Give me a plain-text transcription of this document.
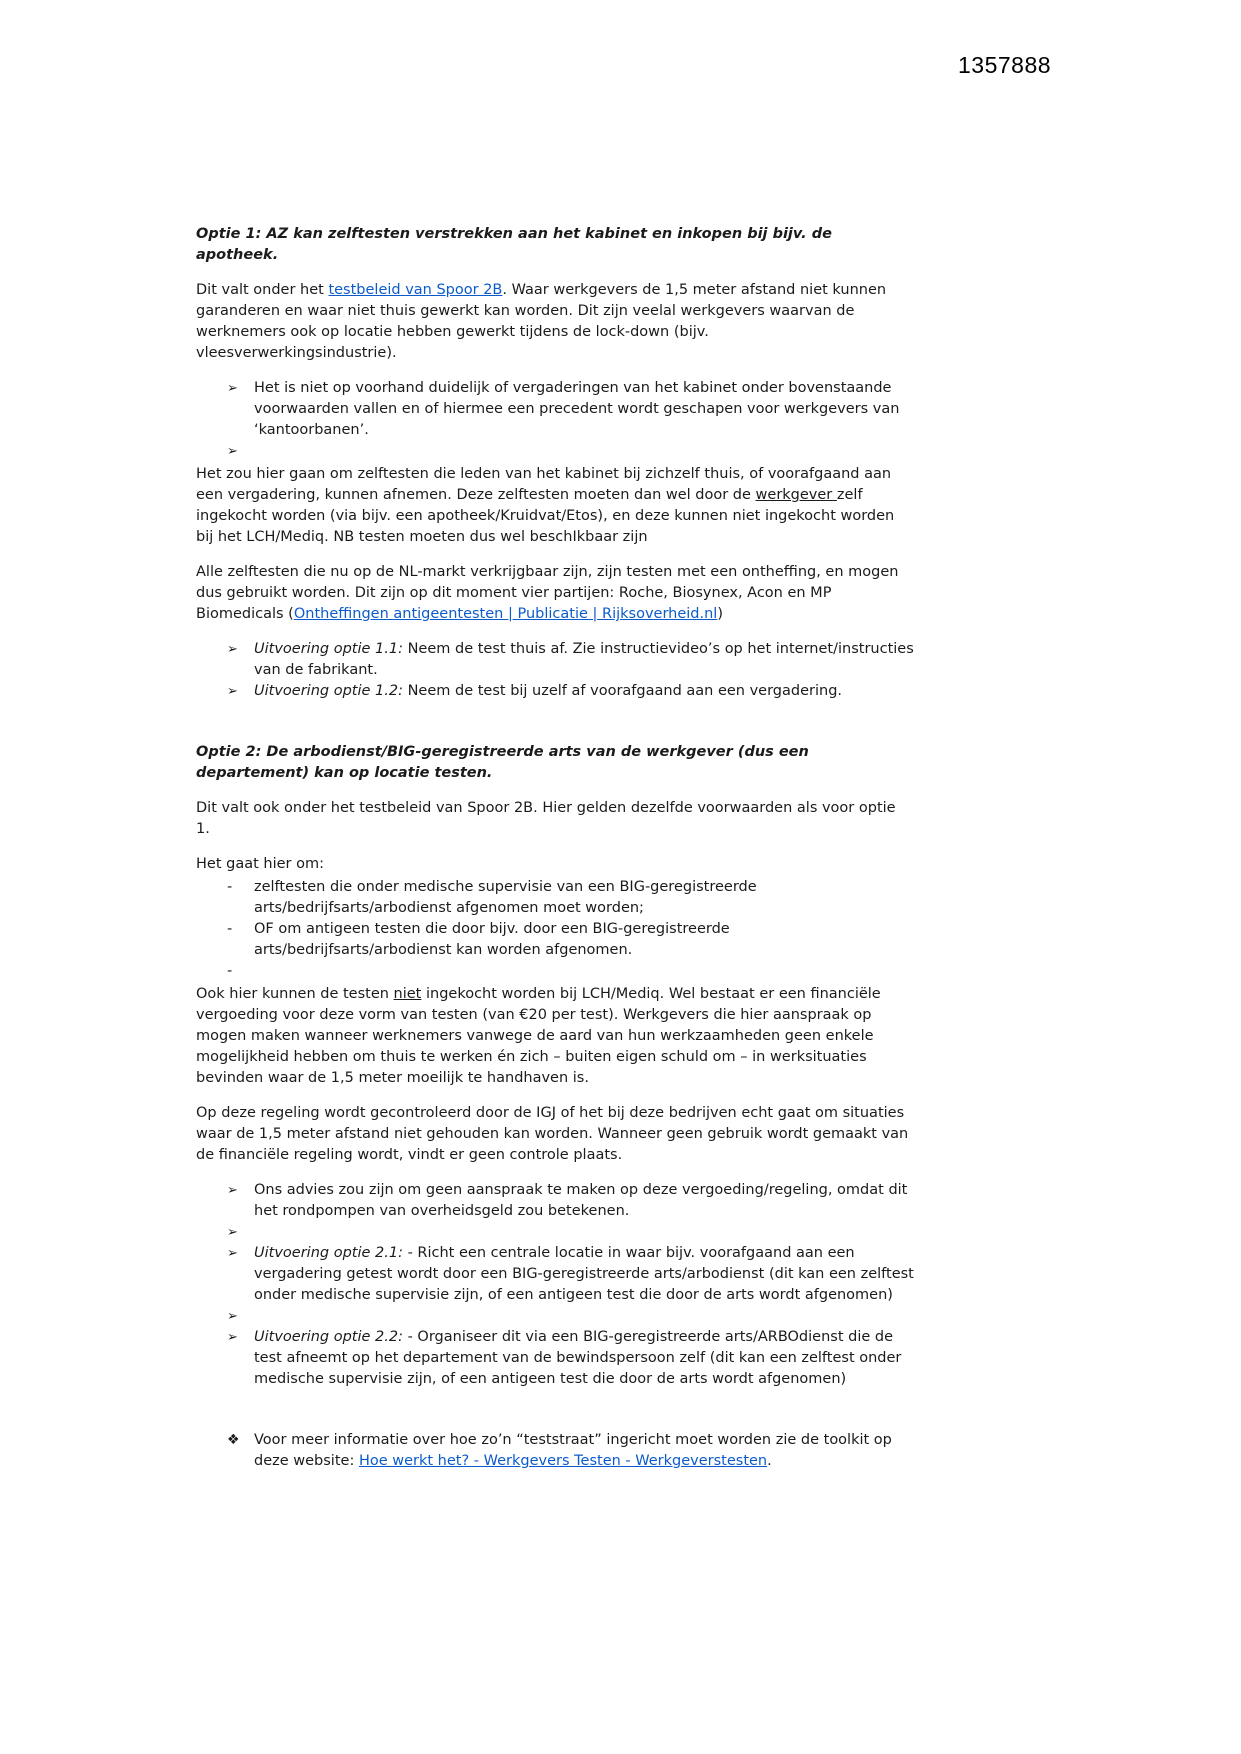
1357888
Optie 1: AZ kan zelftesten verstrekken aan het kabinet en inkopen bij bijv. de apotheek.
Dit valt onder het testbeleid van Spoor 2B. Waar werkgevers de 1,5 meter afstand niet kunnen garanderen en waar niet thuis gewerkt kan worden. Dit zijn veelal werkgevers waarvan de werknemers ook op locatie hebben gewerkt tijdens de lock-down (bijv. vleesverwerkingsindustrie).
➢	Het is niet op voorhand duidelijk of vergaderingen van het kabinet onder bovenstaande voorwaarden vallen en of hiermee een precedent wordt geschapen voor werkgevers van ‘kantoorbanen’.
➢
Het zou hier gaan om zelftesten die leden van het kabinet bij zichzelf thuis, of voorafgaand aan een vergadering, kunnen afnemen. Deze zelftesten moeten dan wel door de werkgever zelf ingekocht worden (via bijv. een apotheek/Kruidvat/Etos), en deze kunnen niet ingekocht worden bij het LCH/Mediq. NB testen moeten dus wel beschIkbaar zijn
Alle zelftesten die nu op de NL-markt verkrijgbaar zijn, zijn testen met een ontheffing, en mogen dus gebruikt worden. Dit zijn op dit moment vier partijen: Roche, Biosynex, Acon en MP Biomedicals (Ontheffingen antigeentesten | Publicatie | Rijksoverheid.nl)
➢	Uitvoering optie 1.1: Neem de test thuis af. Zie instructievideo’s op het internet/instructies van de fabrikant.
➢	Uitvoering optie 1.2: Neem de test bij uzelf af voorafgaand aan een vergadering.
Optie 2: De arbodienst/BIG-geregistreerde arts van de werkgever (dus een departement) kan op locatie testen.
Dit valt ook onder het testbeleid van Spoor 2B. Hier gelden dezelfde voorwaarden als voor optie 1.
Het gaat hier om:
-	zelftesten die onder medische supervisie van een BIG-geregistreerde arts/bedrijfsarts/arbodienst afgenomen moet worden;
-	OF om antigeen testen die door bijv. door een BIG-geregistreerde arts/bedrijfsarts/arbodienst kan worden afgenomen.
-
Ook hier kunnen de testen niet ingekocht worden bij LCH/Mediq. Wel bestaat er een financiële vergoeding voor deze vorm van testen (van €20 per test). Werkgevers die hier aanspraak op mogen maken wanneer werknemers vanwege de aard van hun werkzaamheden geen enkele mogelijkheid hebben om thuis te werken én zich – buiten eigen schuld om – in werksituaties bevinden waar de 1,5 meter moeilijk te handhaven is.
Op deze regeling wordt gecontroleerd door de IGJ of het bij deze bedrijven echt gaat om situaties waar de 1,5 meter afstand niet gehouden kan worden. Wanneer geen gebruik wordt gemaakt van de financiële regeling wordt, vindt er geen controle plaats.
➢	Ons advies zou zijn om geen aanspraak te maken op deze vergoeding/regeling, omdat dit het rondpompen van overheidsgeld zou betekenen.
➢
➢	Uitvoering optie 2.1: - Richt een centrale locatie in waar bijv. voorafgaand aan een vergadering getest wordt door een BIG-geregistreerde arts/arbodienst (dit kan een zelftest onder medische supervisie zijn, of een antigeen test die door de arts wordt afgenomen)
➢
➢	Uitvoering optie 2.2: - Organiseer dit via een BIG-geregistreerde arts/ARBOdienst die de test afneemt op het departement van de bewindspersoon zelf (dit kan een zelftest onder medische supervisie zijn, of een antigeen test die door de arts wordt afgenomen)
❖ Voor meer informatie over hoe zo’n “teststraat” ingericht moet worden zie de toolkit op deze website: Hoe werkt het? - Werkgevers Testen - Werkgeverstesten.
